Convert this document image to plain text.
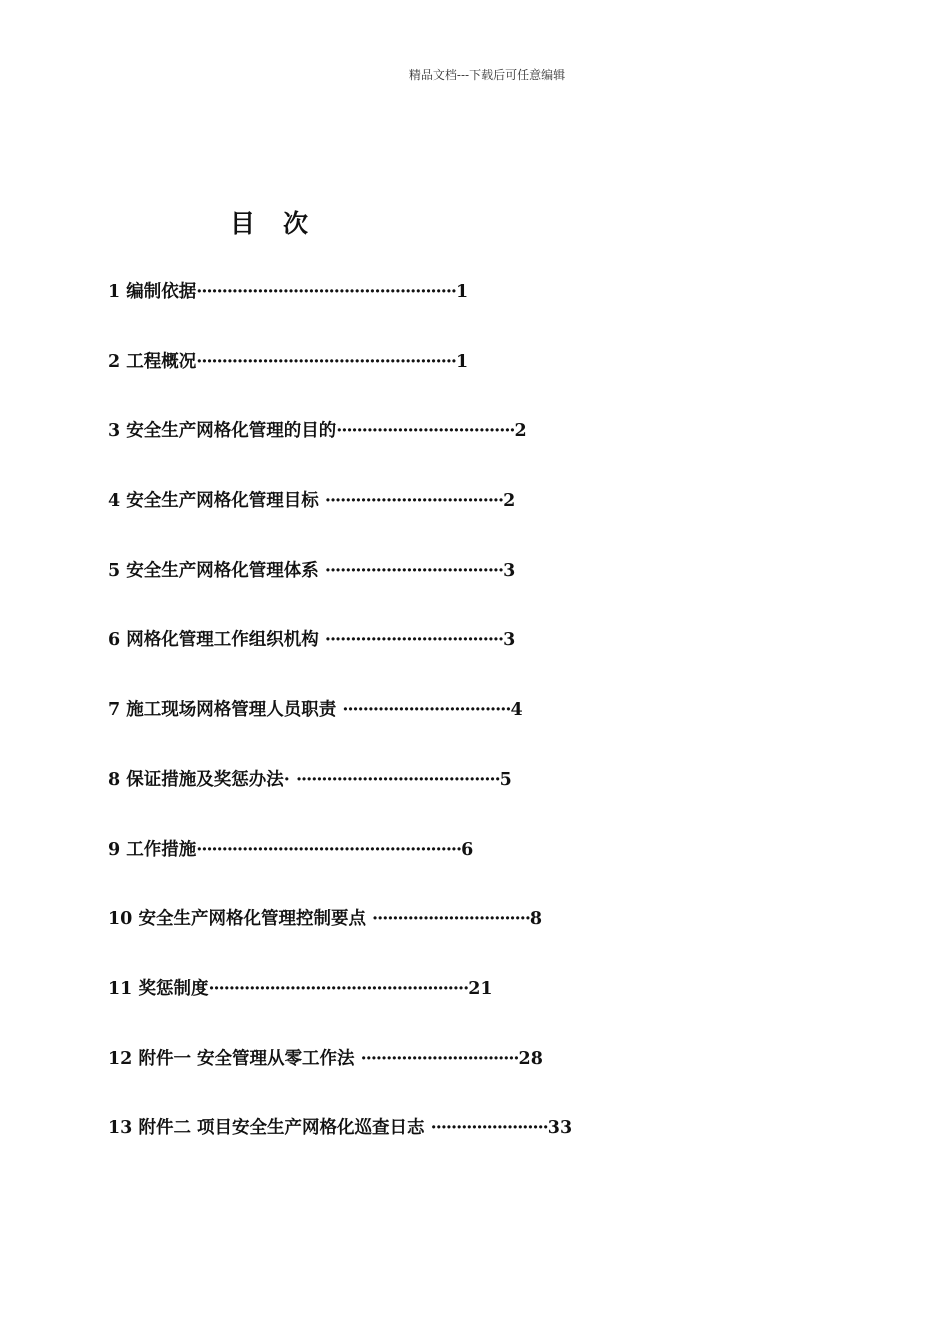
精品文档---下载后可任意编辑
目 次
1 编制依据···················································1
2 工程概况···················································1
3 安全生产网格化管理的目的···································2
4 安全生产网格化管理目标 ···································2
5 安全生产网格化管理体系 ···································3
6 网格化管理工作组织机构 ···································3
7 施工现场网格管理人员职责 ·································4
8 保证措施及奖惩办法· ········································5
9 工作措施····················································6
10 安全生产网格化管理控制要点 ·······························8
11 奖惩制度···················································21
12 附件一 安全管理从零工作法 ·······························28
13 附件二 项目安全生产网格化巡查日志 ·······················33
